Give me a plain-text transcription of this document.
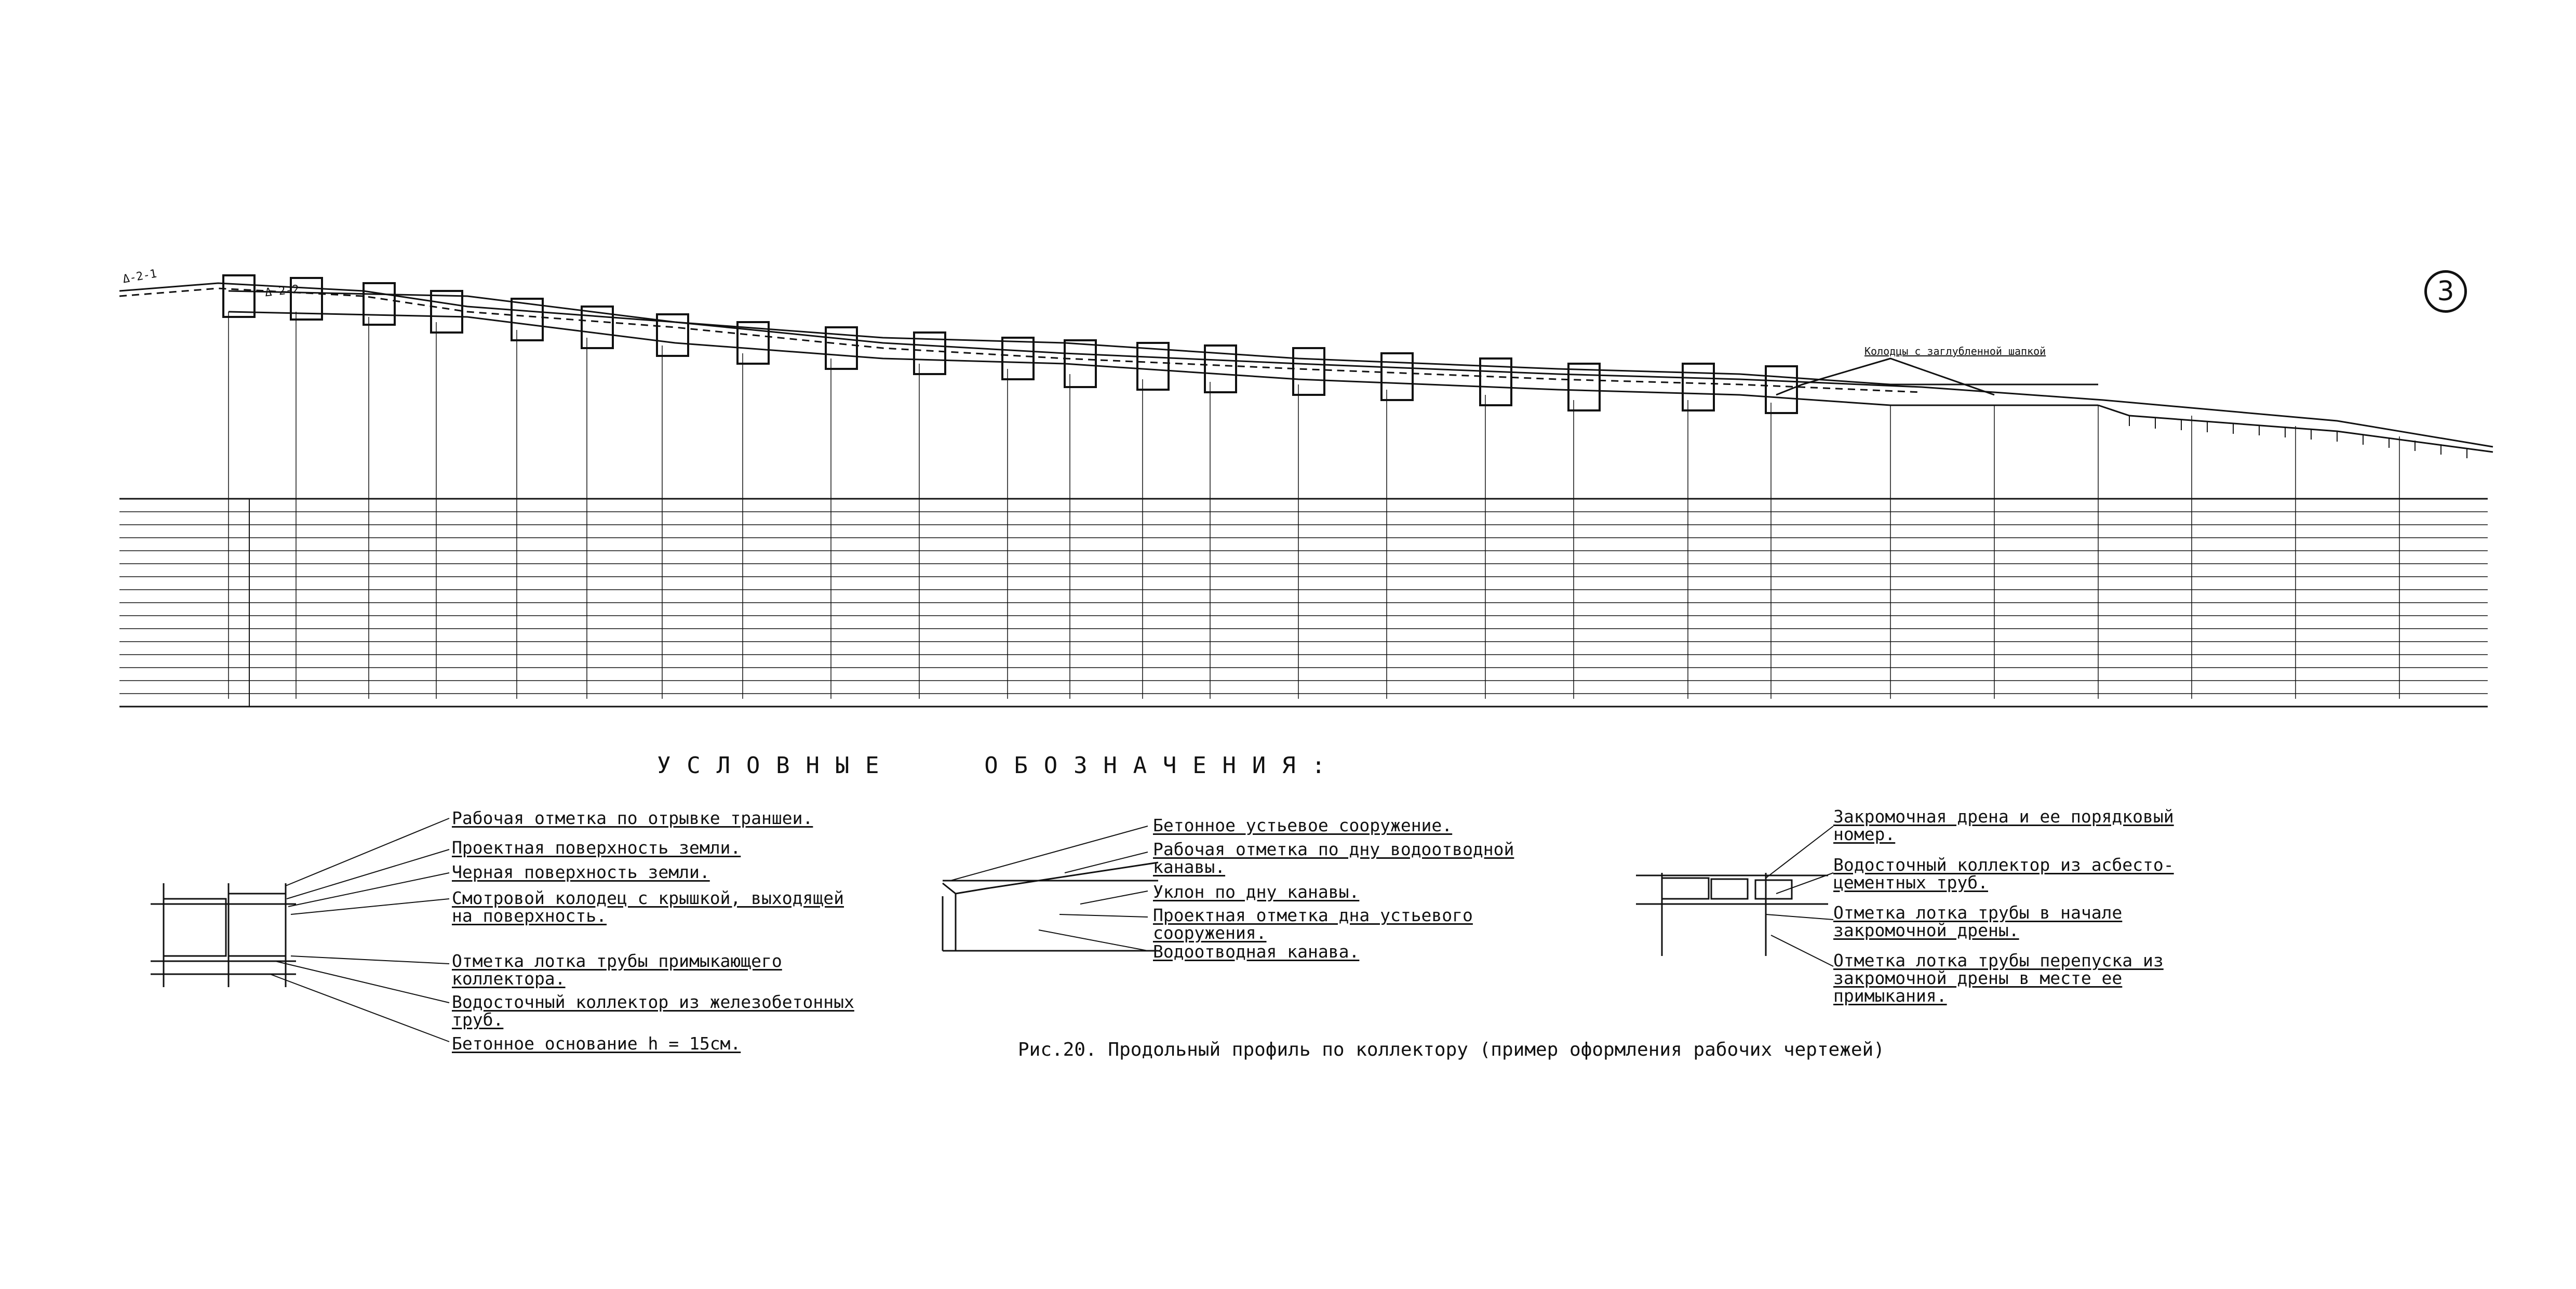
Δ-2-1
Δ-2-2
Колодцы с заглубленной шапкой
3
УСЛОВНЫЕ   ОБОЗНАЧЕНИЯ:
Рабочая отметка по отрывке траншеи.
Проектная поверхность земли.
Черная поверхность земли.
Смотровой колодец с крышкой, выходящей
на поверхность.
Отметка лотка трубы примыкающего
коллектора.
Водосточный коллектор из железобетонных
труб.
Бетонное основание h = 15см.
Бетонное устьевое сооружение.
Рабочая отметка по дну водоотводной
канавы.
Уклон по дну канавы.
Проектная отметка дна устьевого
сооружения.
Водоотводная канава.
Закромочная дрена и ее порядковый
номер.
Водосточный коллектор из асбесто-
цементных труб.
Отметка лотка трубы в начале
закромочной дрены.
Отметка лотка трубы перепуска из
закромочной дрены в месте ее
примыкания.
Рис.20. Продольный профиль по коллектору (пример оформления рабочих чертежей)
